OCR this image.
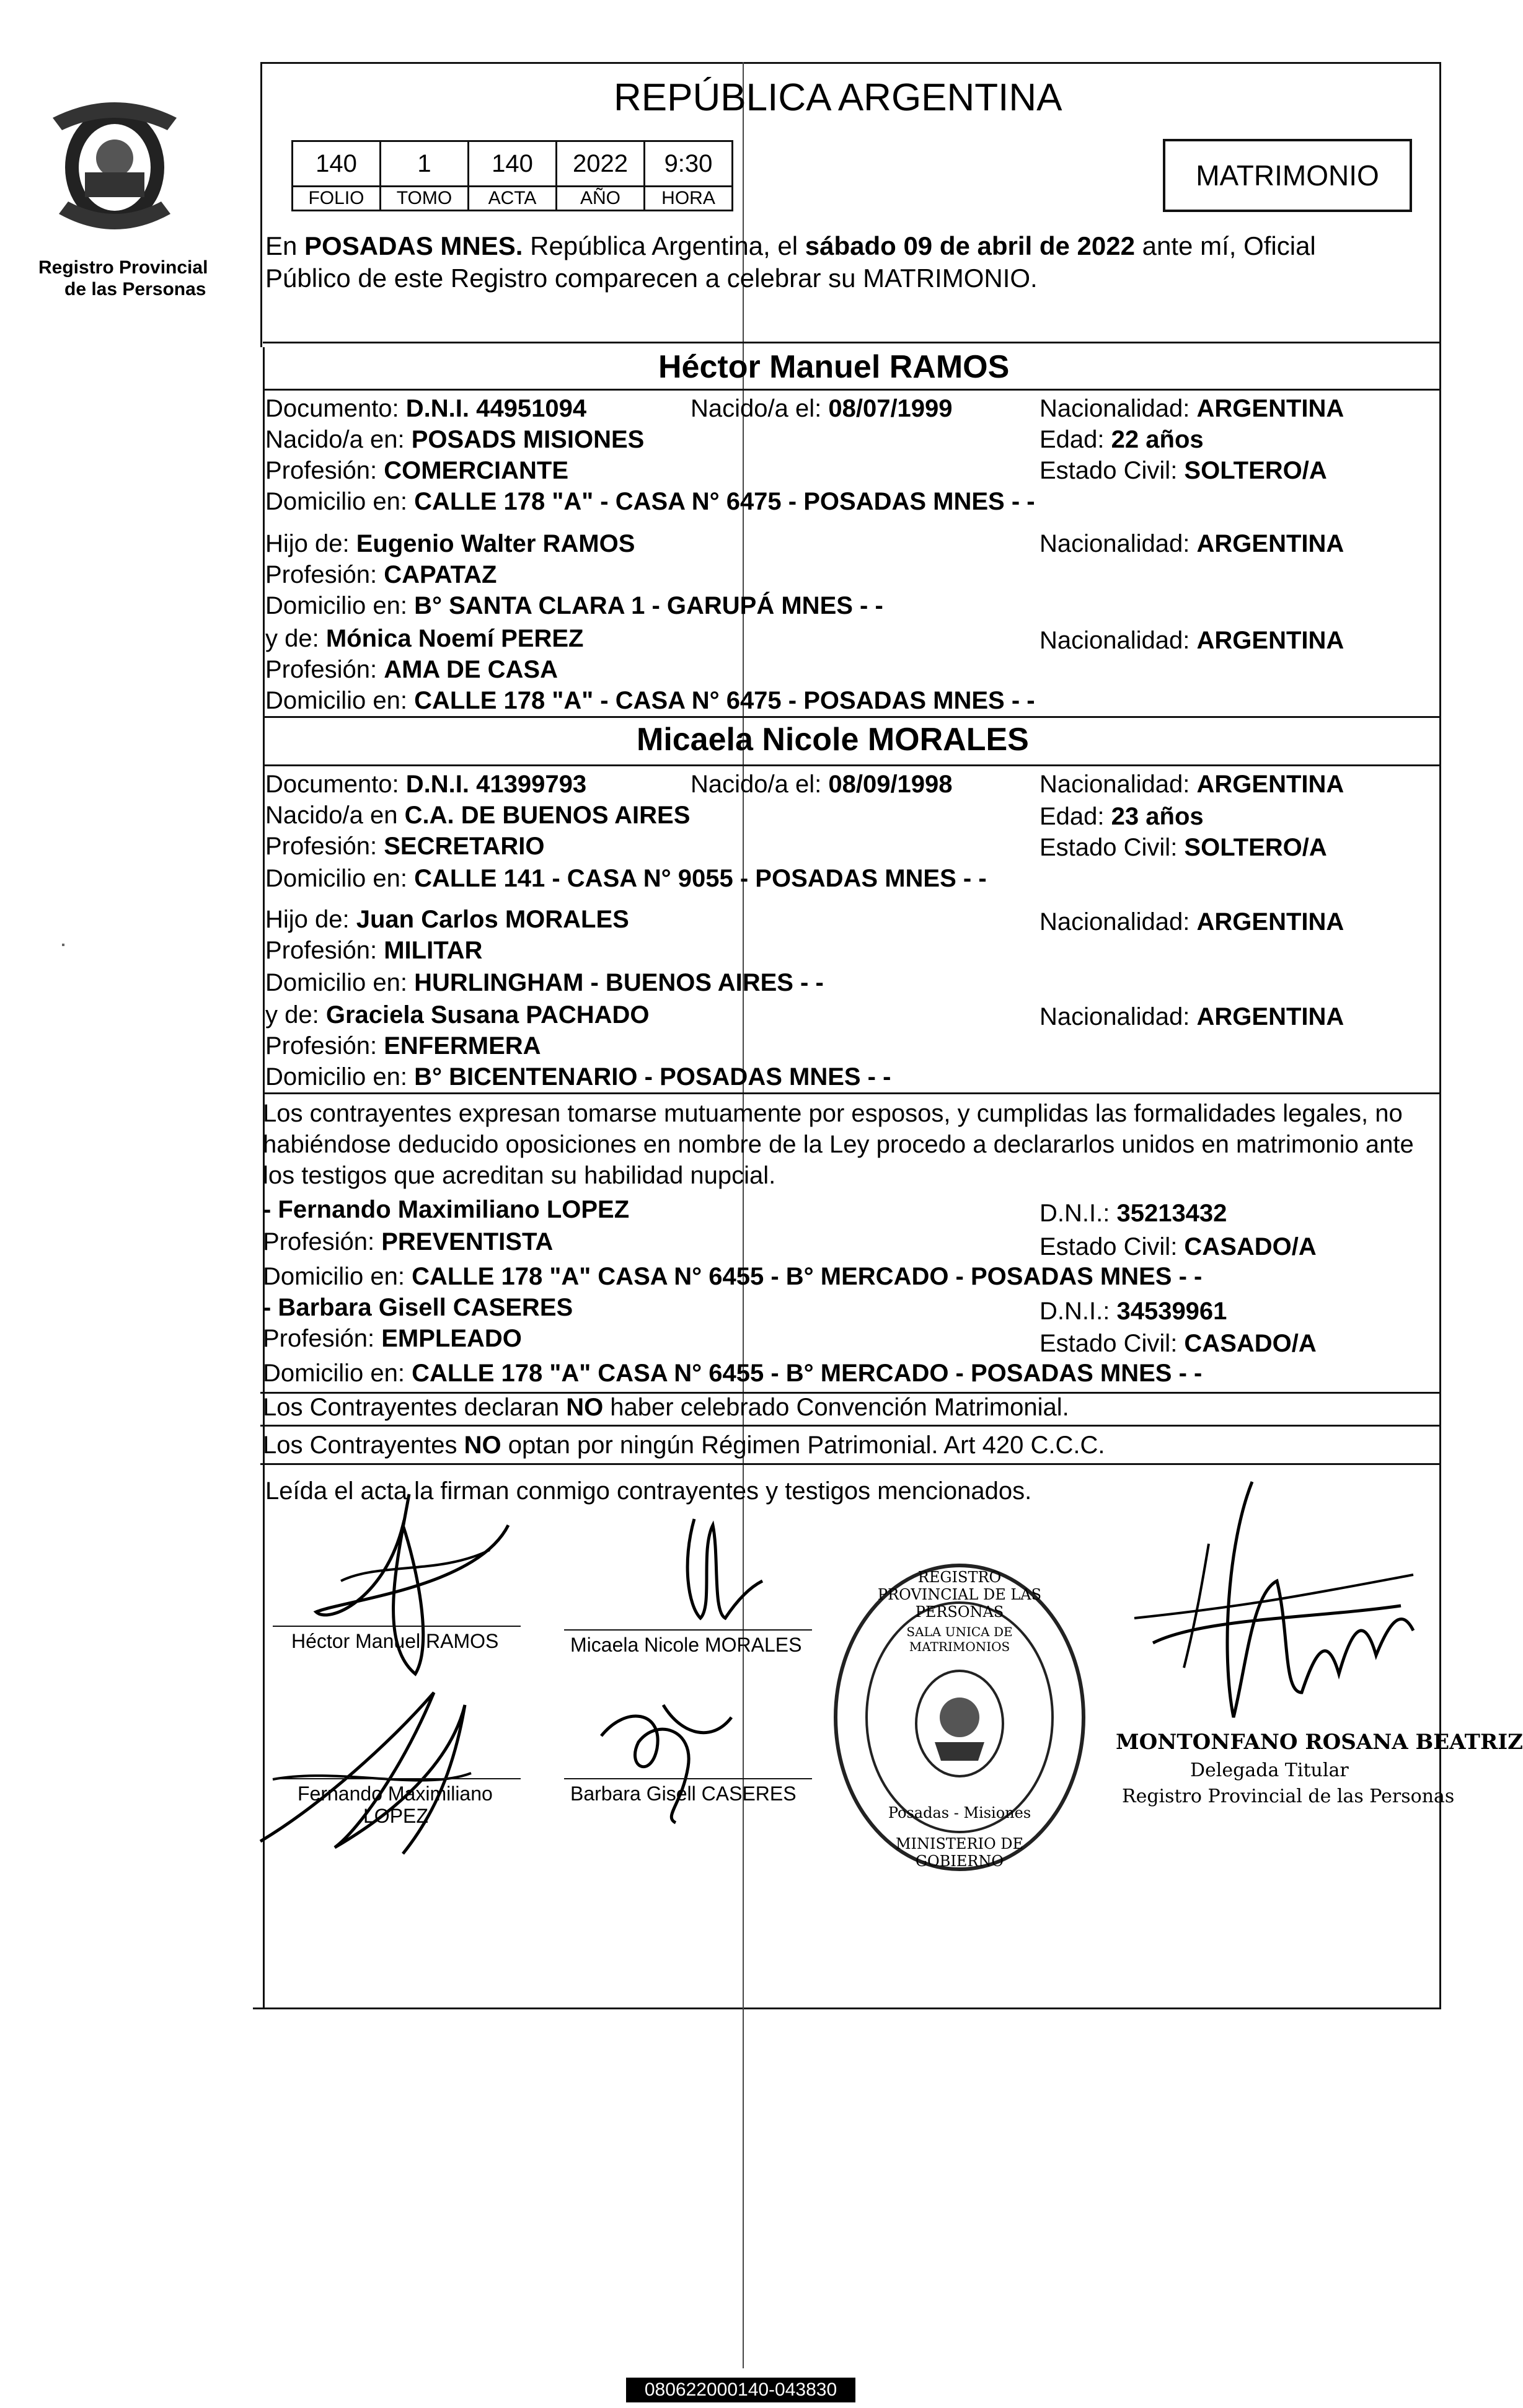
Registro Provincial
de las Personas
REPÚBLICA ARGENTINA
140	1	140	2022	9:30
FOLIO	TOMO	ACTA	AÑO	HORA
MATRIMONIO
En POSADAS MNES. República Argentina, el sábado 09 de abril de 2022 ante mí, Oficial
Público de este Registro comparecen a celebrar su MATRIMONIO.
Héctor Manuel RAMOS
Documento: D.N.I. 44951094	Nacido/a el: 08/07/1999	Nacionalidad: ARGENTINA
Nacido/a en: POSADS MISIONES	Edad: 22 años
Profesión: COMERCIANTE	Estado Civil: SOLTERO/A
Domicilio en: CALLE 178 "A" - CASA N° 6475 - POSADAS MNES - -
Hijo de: Eugenio Walter RAMOS	Nacionalidad: ARGENTINA
Profesión: CAPATAZ
Domicilio en: B° SANTA CLARA 1 - GARUPÁ MNES - -
y de: Mónica Noemí PEREZ	Nacionalidad: ARGENTINA
Profesión: AMA DE CASA
Domicilio en: CALLE 178 "A" - CASA N° 6475 - POSADAS MNES - -
Micaela Nicole MORALES
Documento: D.N.I. 41399793	Nacido/a el: 08/09/1998	Nacionalidad: ARGENTINA
Nacido/a en C.A. DE BUENOS AIRES	Edad: 23 años
Profesión: SECRETARIO	Estado Civil: SOLTERO/A
Domicilio en: CALLE 141 - CASA N° 9055 - POSADAS MNES - -
Hijo de: Juan Carlos MORALES	Nacionalidad: ARGENTINA
Profesión: MILITAR
Domicilio en: HURLINGHAM - BUENOS AIRES - -
y de: Graciela Susana PACHADO	Nacionalidad: ARGENTINA
Profesión: ENFERMERA
Domicilio en: B° BICENTENARIO - POSADAS MNES - -
Los contrayentes expresan tomarse mutuamente por esposos, y cumplidas las formalidades legales, no
habiéndose deducido oposiciones en nombre de la Ley procedo a declararlos unidos en matrimonio ante
los testigos que acreditan su habilidad nupcial.
- Fernando Maximiliano LOPEZ	D.N.I.: 35213432
Profesión: PREVENTISTA	Estado Civil: CASADO/A
Domicilio en: CALLE 178 "A" CASA N° 6455 - B° MERCADO - POSADAS MNES - -
- Barbara Gisell CASERES	D.N.I.: 34539961
Profesión: EMPLEADO	Estado Civil: CASADO/A
Domicilio en: CALLE 178 "A" CASA N° 6455 - B° MERCADO - POSADAS MNES - -
Los Contrayentes declaran NO haber celebrado Convención Matrimonial.
Los Contrayentes NO optan por ningún Régimen Patrimonial. Art 420 C.C.C.
Leída el acta la firman conmigo contrayentes y testigos mencionados.
Héctor Manuel RAMOS	Micaela Nicole MORALES
Fernando Maximiliano
LOPEZ
Barbara Gisell CASERES
REGISTRO PROVINCIAL DE LAS PERSONAS
SALA UNICA DE MATRIMONIOS
Posadas - Misiones
MINISTERIO DE GOBIERNO
MONTONFANO ROSANA BEATRIZ
Delegada Titular
Registro Provincial de las Personas
080622000140-043830
